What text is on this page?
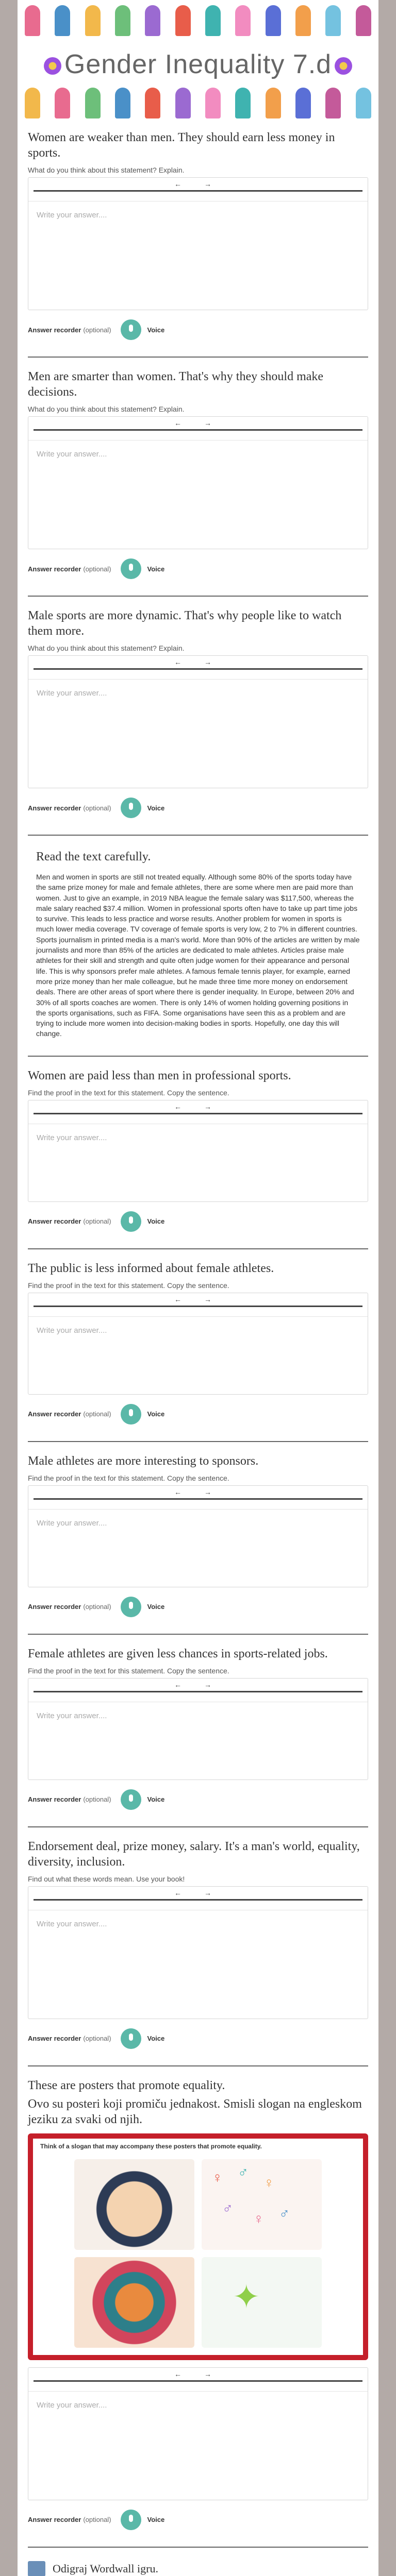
Gender Inequality 7.d
Women are weaker than men. They should earn less money in sports.
What do you think about this statement? Explain.
← →
Write your answer....
Answer recorder (optional)	Voice
Men are smarter than women. That's why they should make decisions.
What do you think about this statement? Explain.
← →
Write your answer....
Answer recorder (optional)	Voice
Male sports are more dynamic. That's why people like to watch them more.
What do you think about this statement? Explain.
← →
Write your answer....
Answer recorder (optional)	Voice
Read the text carefully.
Men and women in sports are still not treated equally. Although some 80% of the sports today have the same prize money for male and female athletes, there are some where men are paid more than women. Just to give an example, in 2019 NBA league the female salary was $117,500, whereas the male salary reached $37.4 million. Women in professional sports often have to take up part time jobs to survive. This leads to less practice and worse results. Another problem for women in sports is much lower media coverage. TV coverage of female sports is very low, 2 to 7% in different countries. Sports journalism in printed media is a man's world. More than 90% of the articles are written by male journalists and more than 85% of the articles are dedicated to male athletes. Articles praise male athletes for their skill and strength and quite often judge women for their appearance and personal life. This is why sponsors prefer male athletes. A famous female tennis player, for example, earned more prize money than her male colleague, but he made three time more money on endorsement deals. There are other areas of sport where there is gender inequality. In Europe, between 20% and 30% of all sports coaches are women. There is only 14% of women holding governing positions in the sports organisations, such as FIFA. Some organisations have seen this as a problem and are trying to include more women into decision-making bodies in sports. Hopefully, one day this will change.
Women are paid less than men in professional sports.
Find the proof in the text for this statement. Copy the sentence.
← →
Write your answer....
Answer recorder (optional)	Voice
The public is less informed about female athletes.
Find the proof in the text for this statement. Copy the sentence.
← →
Write your answer....
Answer recorder (optional)	Voice
Male athletes are more interesting to sponsors.
Find the proof in the text for this statement. Copy the sentence.
← →
Write your answer....
Answer recorder (optional)	Voice
Female athletes are given less chances in sports-related jobs.
Find the proof in the text for this statement. Copy the sentence.
← →
Write your answer....
Answer recorder (optional)	Voice
Endorsement deal, prize money, salary. It's a man's world, equality, diversity, inclusion.
Find out what these words mean. Use your book!
← →
Write your answer....
Answer recorder (optional)	Voice
These are posters that promote equality.
Ovo su posteri koji promiču jednakost. Smisli slogan na engleskom jeziku za svaki od njih.
Think of a slogan that may accompany these posters that promote equality.
♀ ♂
♀
♂
♀ ♂
✦
← →
Write your answer....
Answer recorder (optional)	Voice
Odigraj Wordwall igru.
